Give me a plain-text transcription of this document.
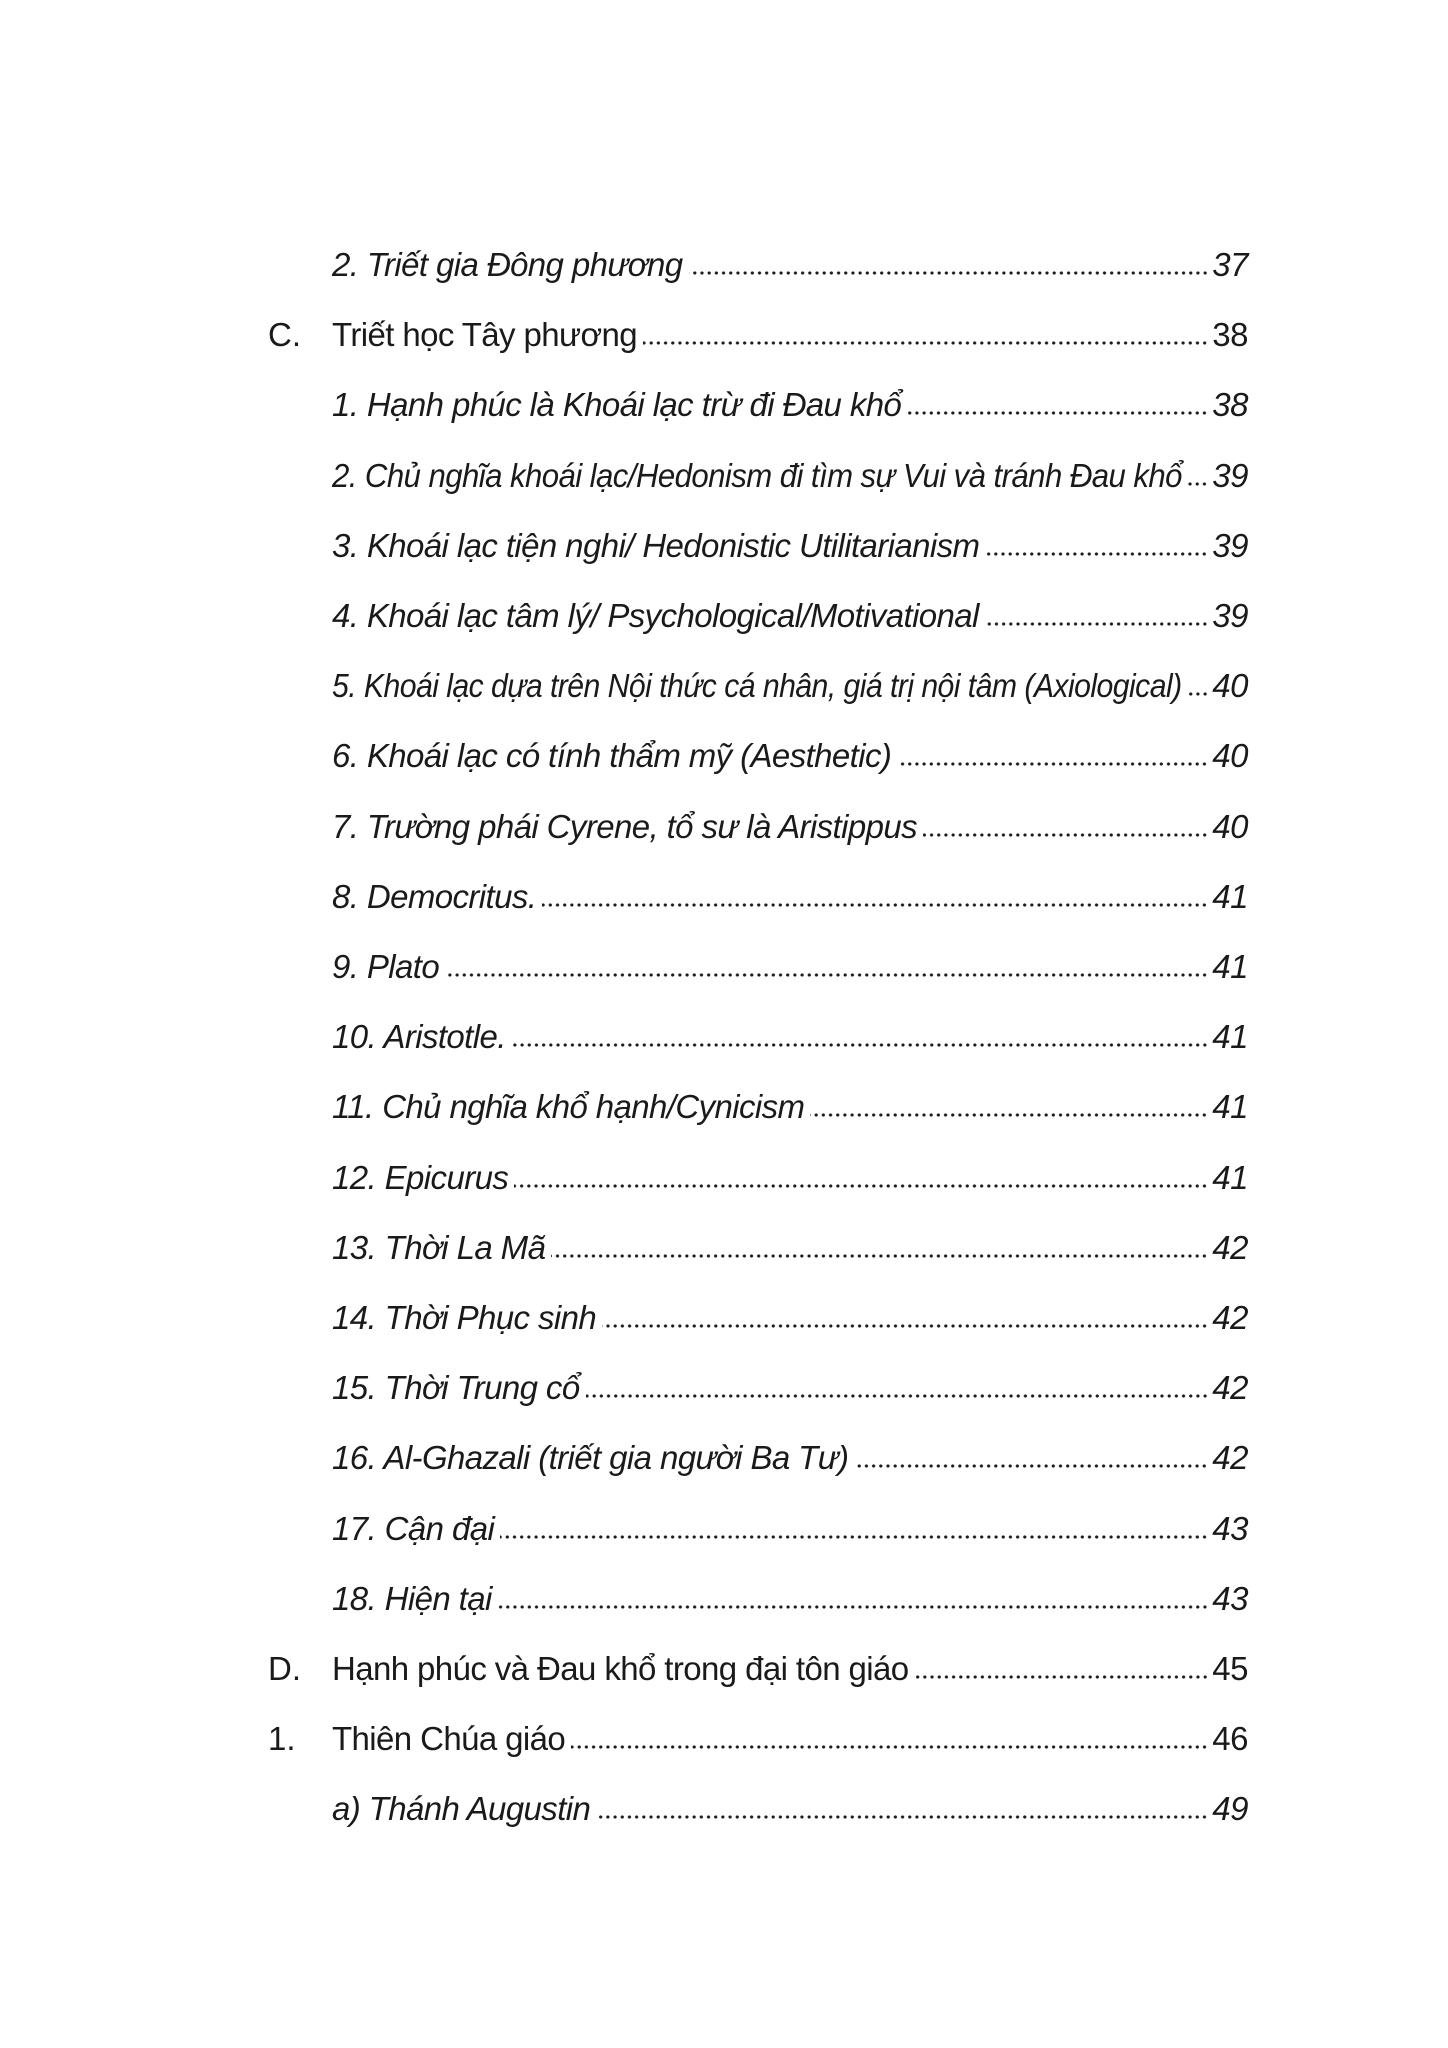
2. Triết gia Đông phương	37
C. Triết học Tây phương	38
1. Hạnh phúc là Khoái lạc trừ đi Đau khổ	38
2. Chủ nghĩa khoái lạc/Hedonism đi tìm sự Vui và tránh Đau khổ 39
3. Khoái lạc tiện nghi/ Hedonistic Utilitarianism	39
4. Khoái lạc tâm lý/ Psychological/Motivational	39
5. Khoái lạc dựa trên Nội thức cá nhân, giá trị nội tâm (Axiological) 40
6. Khoái lạc có tính thẩm mỹ (Aesthetic)	40
7. Trường phái Cyrene, tổ sư là Aristippus	40
8. Democritus.	41
9. Plato	41
10. Aristotle.	41
11. Chủ nghĩa khổ hạnh/Cynicism	41
12. Epicurus	41
13. Thời La Mã	42
14. Thời Phục sinh	42
15. Thời Trung cổ	42
16. Al-Ghazali (triết gia người Ba Tư)	42
17. Cận đại	43
18. Hiện tại	43
D. Hạnh phúc và Đau khổ trong đại tôn giáo	45
1.	Thiên Chúa giáo	46
a) Thánh Augustin	49
